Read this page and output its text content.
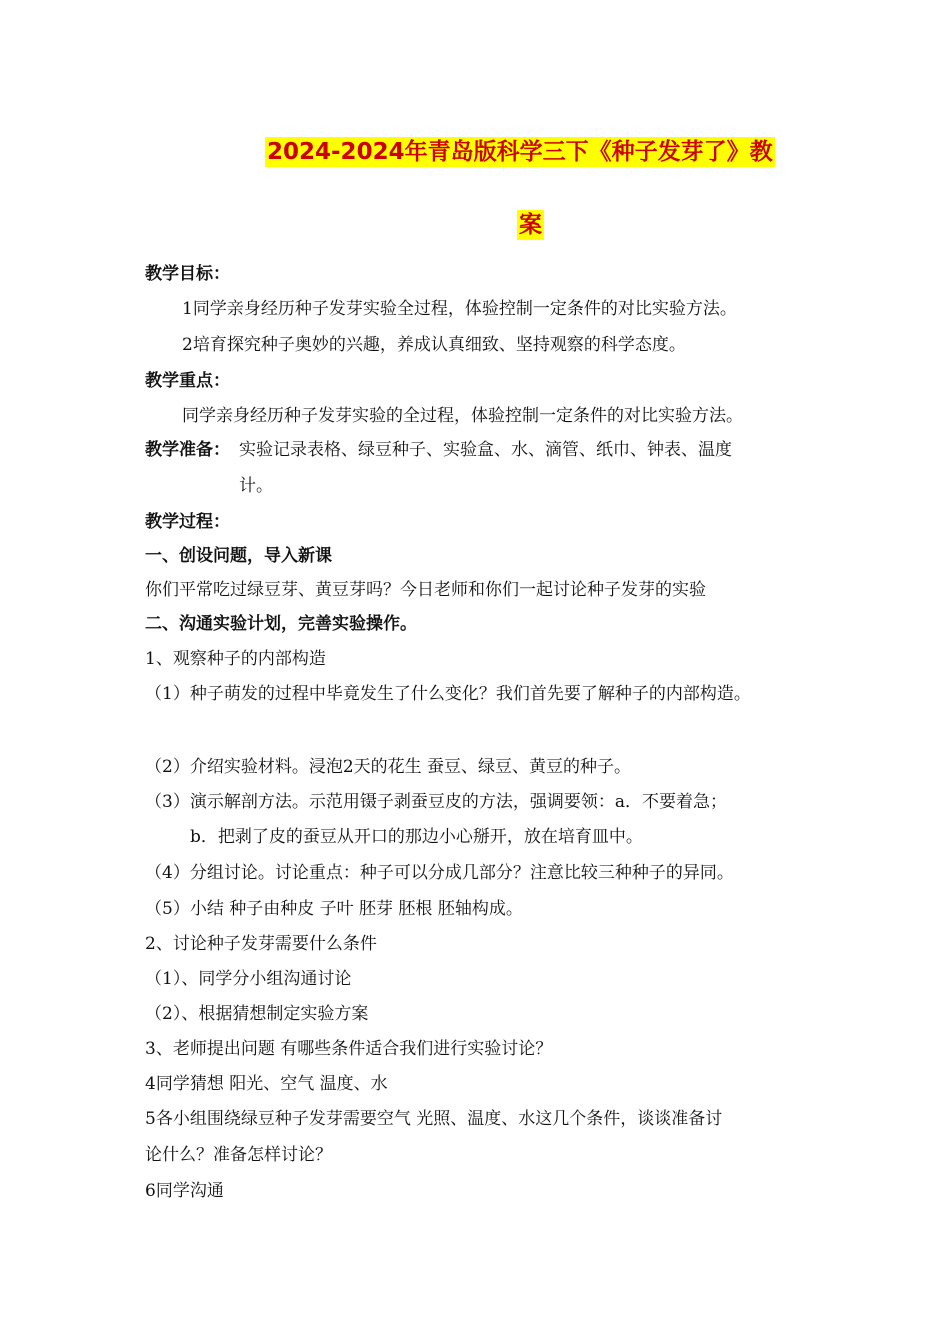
2024-2024年青岛版科学三下《种子发芽了》教
案
教学目标：
1同学亲身经历种子发芽实验全过程，体验控制一定条件的对比实验方法。
2培育探究种子奥妙的兴趣，养成认真细致、坚持观察的科学态度。
教学重点：
同学亲身经历种子发芽实验的全过程，体验控制一定条件的对比实验方法。
教学准备： 实验记录表格、绿豆种子、实验盒、水、滴管、纸巾、钟表、温度
计。
教学过程：
一、创设问题，导入新课
你们平常吃过绿豆芽、黄豆芽吗？今日老师和你们一起讨论种子发芽的实验
二、沟通实验计划，完善实验操作。
1、观察种子的内部构造
（1）种子萌发的过程中毕竟发生了什么变化？我们首先要了解种子的内部构造。
（2）介绍实验材料。浸泡2天的花生 蚕豆、绿豆、黄豆的种子。
（3）演示解剖方法。示范用镊子剥蚕豆皮的方法，强调要领：a．不要着急；
b．把剥了皮的蚕豆从开口的那边小心掰开，放在培育皿中。
（4）分组讨论。讨论重点：种子可以分成几部分？注意比较三种种子的异同。
（5）小结 种子由种皮 子叶 胚芽 胚根 胚轴构成。
2、讨论种子发芽需要什么条件
（1）、同学分小组沟通讨论
（2）、根据猜想制定实验方案
3、老师提出问题 有哪些条件适合我们进行实验讨论？
4同学猜想 阳光、空气 温度、水
5各小组围绕绿豆种子发芽需要空气 光照、温度、水这几个条件，谈谈准备讨
论什么？准备怎样讨论？
6同学沟通
